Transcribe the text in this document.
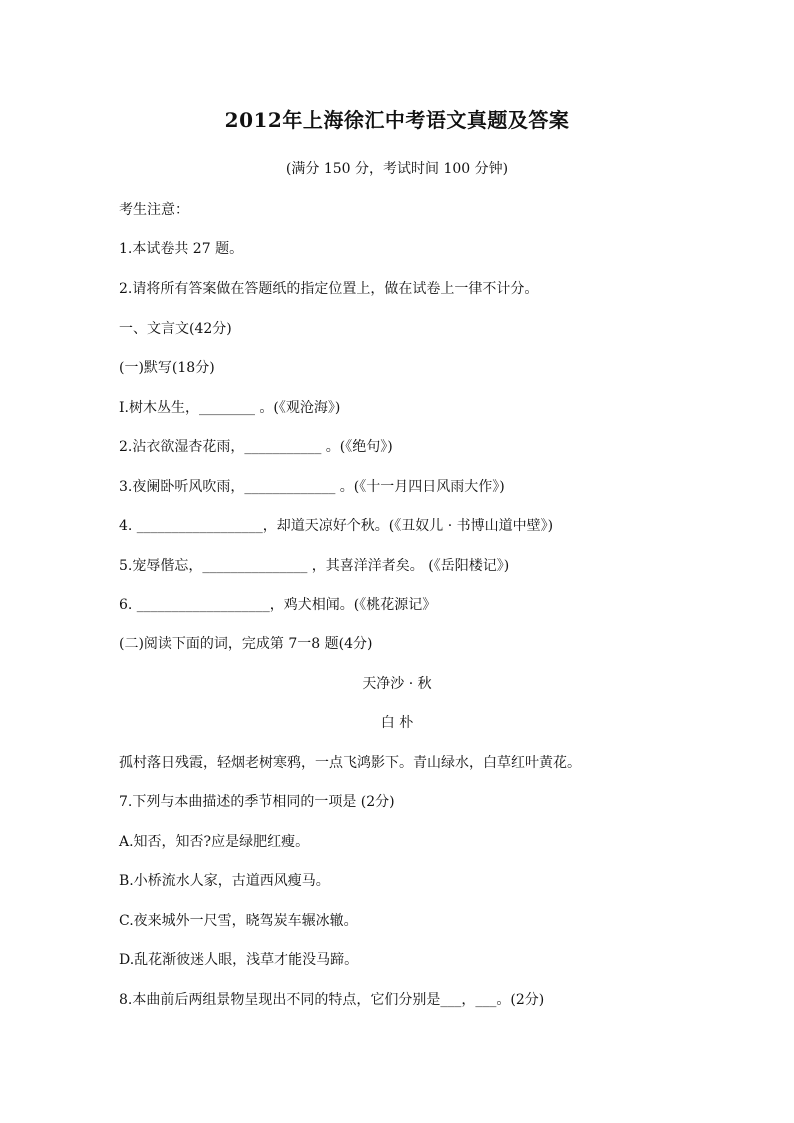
2012年上海徐汇中考语文真题及答案
(满分 150 分，考试时间 100 分钟)
考生注意：
1.本试卷共 27 题。
2.请将所有答案做在答题纸的指定位置上，做在试卷上一律不计分。
一、文言文(42分)
(一)默写(18分)
I.树木丛生，________ 。(《观沧海》)
2.沾衣欲湿杏花雨，___________ 。(《绝句》)
3.夜阑卧听风吹雨，_____________ 。(《十一月四日风雨大作》)
4. __________________，却道天凉好个秋。(《丑奴儿 · 书博山道中壁》)
5.宠辱偕忘，_______________ ，其喜洋洋者矣。 (《岳阳楼记》)
6. ___________________，鸡犬相闻。(《桃花源记》
(二)阅读下面的词，完成第 7一8 题(4分)
天净沙 · 秋
白 朴
孤村落日残霞，轻烟老树寒鸦，一点飞鸿影下。青山绿水，白草红叶黄花。
7.下列与本曲描述的季节相同的一项是 (2分)
A.知否，知否?应是绿肥红瘦。
B.小桥流水人家，古道西风瘦马。
C.夜来城外一尺雪，晓驾炭车辗冰辙。
D.乱花渐彼迷人眼，浅草才能没马蹄。
8.本曲前后两组景物呈现出不同的特点，它们分别是___，___。(2分)
